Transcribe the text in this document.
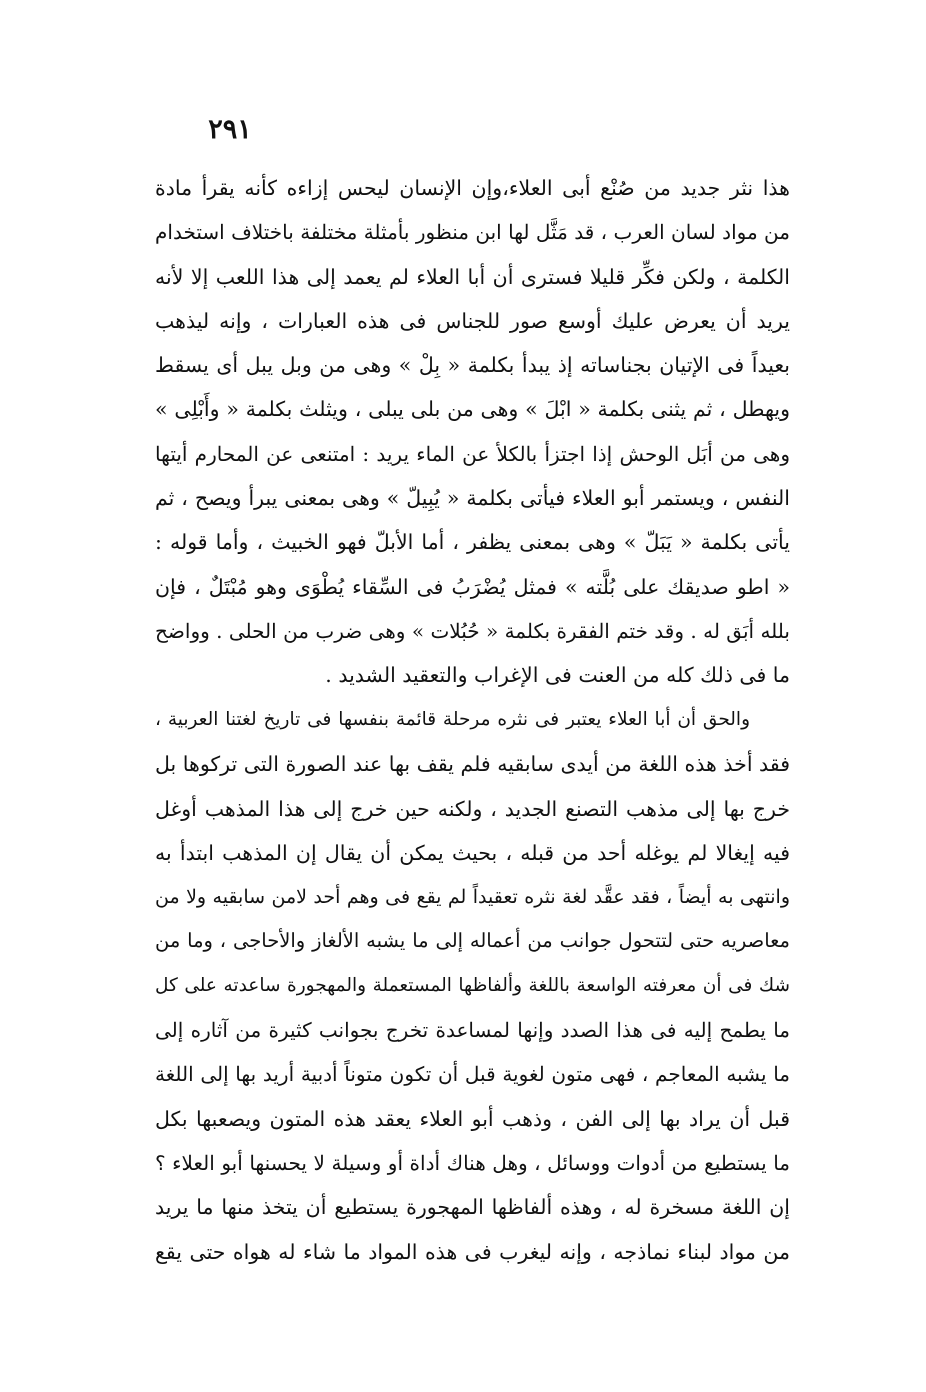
٢٩١
هذا نثر جديد من صُنْع أبى العلاء،وإن الإنسان ليحس إزاءه كأنه يقرأ مادة
من مواد لسان العرب ، قد مَثَّل لها ابن منظور بأمثلة مختلفة باختلاف استخدام
الكلمة ، ولكن فكِّر قليلا فسترى أن أبا العلاء لم يعمد إلى هذا اللعب إلا لأنه
يريد أن يعرض عليك أوسع صور للجناس فى هذه العبارات ، وإنه ليذهب
بعيداً فى الإتيان بجناساته إذ يبدأ بكلمة « بِلْ » وهى من وبل يبل أى يسقط
ويهطل ، ثم يثنى بكلمة « ابْلَ » وهى من بلى يبلى ، ويثلث بكلمة « وأَبْلِى »
وهى من أبَل الوحش إذا اجتزأ بالكلأ عن الماء يريد : امتنعى عن المحارم أيتها
النفس ، ويستمر أبو العلاء فيأتى بكلمة « يُبِيلّ » وهى بمعنى يبرأ ويصح ، ثم
يأتى بكلمة « يَبَلّ » وهى بمعنى يظفر ، أما الأبلّ فهو الخبيث ، وأما قوله :
« اطو صديقك على بُلَّته » فمثل يُضْرَبُ فى السِّقاء يُطْوَى وهو مُبْتَلٌ ، فإن
بلله أبَق له . وقد ختم الفقرة بكلمة « حُبُلات » وهى ضرب من الحلى . وواضح
ما فى ذلك كله من العنت فى الإغراب والتعقيد الشديد .
والحق أن أبا العلاء يعتبر فى نثره مرحلة قائمة بنفسها فى تاريخ لغتنا العربية ،
فقد أخذ هذه اللغة من أيدى سابقيه فلم يقف بها عند الصورة التى تركوها بل
خرج بها إلى مذهب التصنع الجديد ، ولكنه حين خرج إلى هذا المذهب أوغل
فيه إيغالا لم يوغله أحد من قبله ، بحيث يمكن أن يقال إن المذهب ابتدأ به
وانتهى به أيضاً ، فقد عقَّد لغة نثره تعقيداً لم يقع فى وهم أحد لامن سابقيه ولا من
معاصريه حتى لتتحول جوانب من أعماله إلى ما يشبه الألغاز والأحاجى ، وما من
شك فى أن معرفته الواسعة باللغة وألفاظها المستعملة والمهجورة ساعدته على كل
ما يطمح إليه فى هذا الصدد وإنها لمساعدة تخرج بجوانب كثيرة من آثاره إلى
ما يشبه المعاجم ، فهى متون لغوية قبل أن تكون متوناً أدبية أريد بها إلى اللغة
قبل أن يراد بها إلى الفن ، وذهب أبو العلاء يعقد هذه المتون ويصعبها بكل
ما يستطيع من أدوات ووسائل ، وهل هناك أداة أو وسيلة لا يحسنها أبو العلاء ؟
إن اللغة مسخرة له ، وهذه ألفاظها المهجورة يستطيع أن يتخذ منها ما يريد
من مواد لبناء نماذجه ، وإنه ليغرب فى هذه المواد ما شاء له هواه حتى يقع
